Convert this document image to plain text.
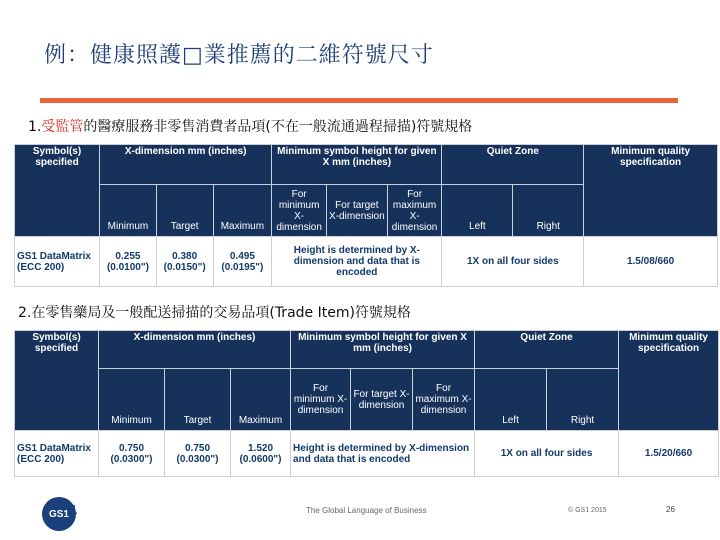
例：健康照護□業推薦的二維符號尺寸
1.受監管的醫療服務非零售消費者品項(不在一般流通過程掃描)符號規格
Symbol(s) specified	X-dimension mm (inches)			Minimum symbol height for given X mm (inches)			Quiet Zone		Minimum quality specification
	Minimum	Target	Maximum	For minimum X-dimension	For target X-dimension	For maximum X-dimension	Left	Right	
GS1 DataMatrix (ECC 200)	0.255 (0.0100")	0.380 (0.0150")	0.495 (0.0195")	Height is determined by X-dimension and data that is encoded			1X on all four sides		1.5/08/660
2.在零售藥局及一般配送掃描的交易品項(Trade Item)符號規格
Symbol(s) specified	X-dimension mm (inches)			Minimum symbol height for given X mm (inches)			Quiet Zone		Minimum quality specification
	Minimum	Target	Maximum	For minimum X-dimension	For target X-dimension	For maximum X-dimension	Left	Right	
GS1 DataMatrix (ECC 200)	0.750 (0.0300")	0.750 (0.0300")	1.520 (0.0600")	Height is determined by X-dimension and data that is encoded			1X on all four sides		1.5/20/660
GS1 1	The Global Language of Business	© GS1 2015	26
